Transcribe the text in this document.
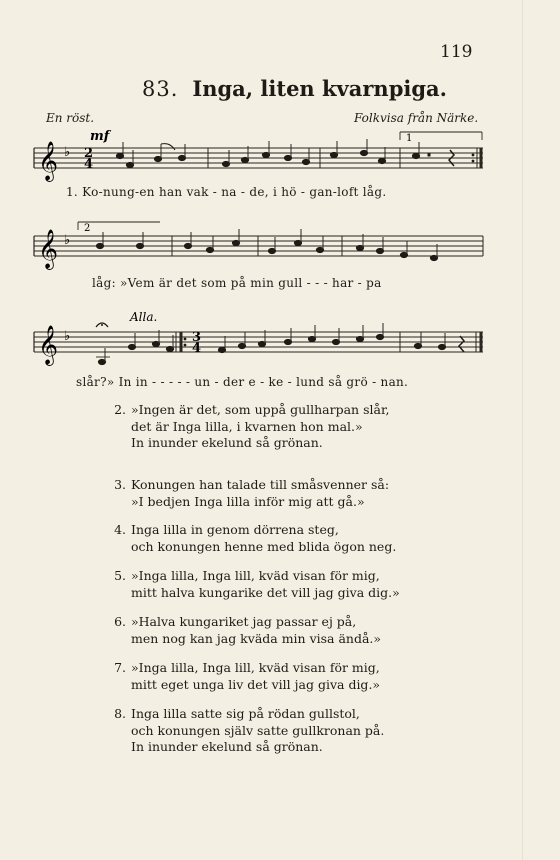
119
83. Inga, liten kvarnpiga.
En röst.	Folkvisa från Närke.
𝄞 ♭
mf
2
4
1
1. Ko-nung-en han vak - na - de, i hö - gan-loft låg.
𝄞 ♭
2
låg: »Vem är det som på min gull - - - har - pa
𝄞 ♭
Alla.
3
4
slår?» In in - - - - - un - der e - ke - lund så grö - nan.
2. »Ingen är det, som uppå gullharpan slår,
det är Inga lilla, i kvarnen hon mal.»
In inunder ekelund så grönan.
3. Konungen han talade till småsvenner så:
»I bedjen Inga lilla inför mig att gå.»
4. Inga lilla in genom dörrena steg,
och konungen henne med blida ögon neg.
5. »Inga lilla, Inga lill, kväd visan för mig,
mitt halva kungarike det vill jag giva dig.»
6. »Halva kungariket jag passar ej på,
men nog kan jag kväda min visa ändå.»
7. »Inga lilla, Inga lill, kväd visan för mig,
mitt eget unga liv det vill jag giva dig.»
8. Inga lilla satte sig på rödan gullstol,
och konungen själv satte gullkronan på.
In inunder ekelund så grönan.
